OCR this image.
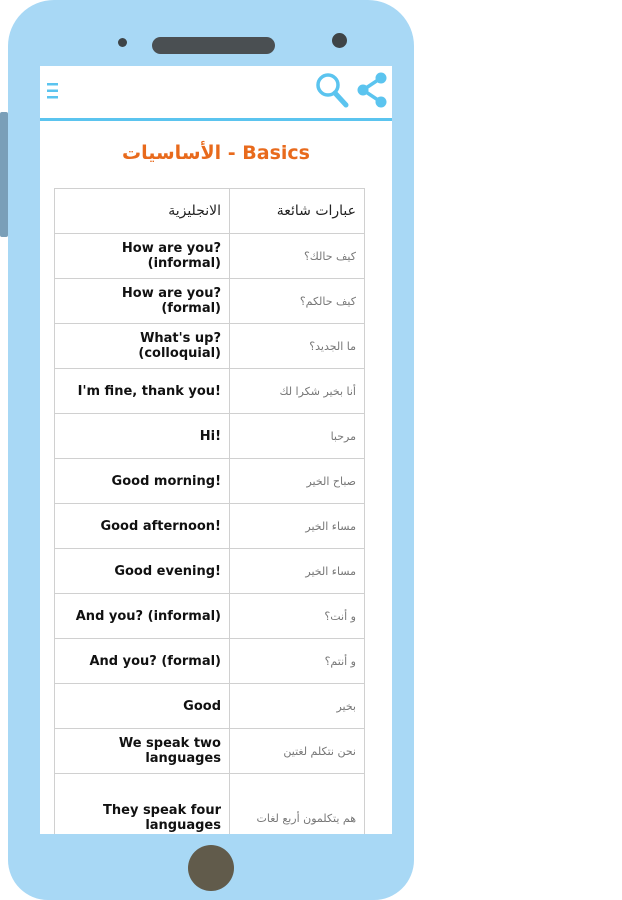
الأساسيات - Basics
الانجليزية	عبارات شائعة
How are you? (informal)	كيف حالك؟
How are you? (formal)	كيف حالكم؟
What's up? (colloquial)	ما الجديد؟
I'm fine, thank you!	أنا بخير شكرا لك
Hi!	مرحبا
Good morning!	صباح الخير
Good afternoon!	مساء الخير
Good evening!	مساء الخير
And you? (informal)	و أنت؟
And you? (formal)	و أنتم؟
Good	بخير
We speak two languages	نحن نتكلم لغتين
They speak four languages	هم يتكلمون أربع لغات
